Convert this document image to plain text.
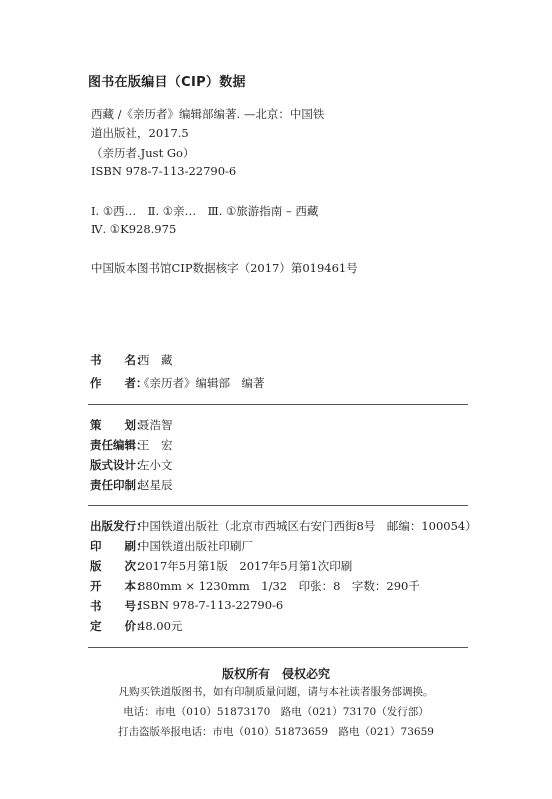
图书在版编目（CIP）数据
西藏 /《亲历者》编辑部编著. —北京：中国铁
道出版社，2017.5
（亲历者.Just Go）
ISBN 978-7-113-22790-6
Ⅰ. ①西…　Ⅱ. ①亲…　Ⅲ. ①旅游指南 – 西藏
Ⅳ. ①K928.975
中国版本图书馆CIP数据核字（2017）第019461号
书　　名：
西　藏
作　　者：
《亲历者》编辑部　编著
策　　划：
聂浩智
责任编辑：
王　宏
版式设计：
左小文
责任印制：
赵星辰
出版发行：
中国铁道出版社（北京市西城区右安门西街8号　邮编：100054）
印　　刷：
中国铁道出版社印刷厂
版　　次：
2017年5月第1版　2017年5月第1次印刷
开　　本：
880mm × 1230mm　1/32　印张：8　字数：290千
书　　号：
ISBN 978-7-113-22790-6
定　　价：
48.00元
版权所有　侵权必究
凡购买铁道版图书，如有印制质量问题，请与本社读者服务部调换。
电话：市电（010）51873170　路电（021）73170（发行部）
打击盗版举报电话：市电（010）51873659　路电（021）73659
